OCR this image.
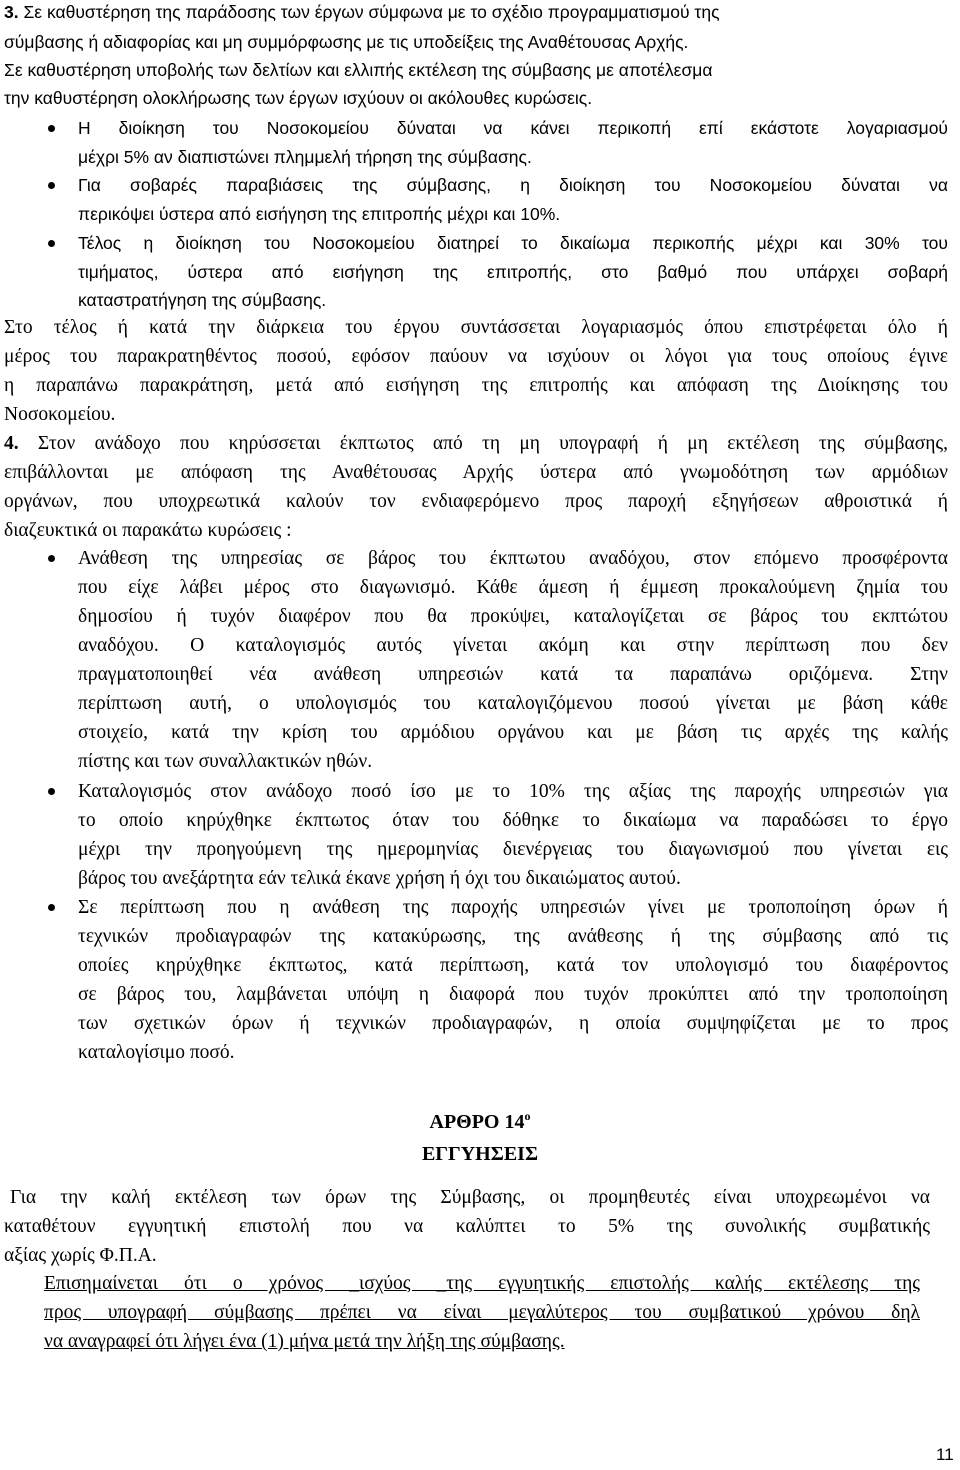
3. Σε καθυστέρηση της παράδοσης των έργων σύμφωνα με το σχέδιο προγραμματισμού της
σύμβασης ή αδιαφορίας και μη συμμόρφωσης με τις υποδείξεις της Αναθέτουσας Αρχής.
Σε καθυστέρηση υποβολής των δελτίων και ελλιπής εκτέλεση της σύμβασης με αποτέλεσμα
την καθυστέρηση ολοκλήρωσης των έργων ισχύουν οι ακόλουθες κυρώσεις.
Η διοίκηση του Νοσοκομείου δύναται να κάνει περικοπή επί εκάστοτε λογαριασμού
μέχρι 5% αν διαπιστώνει πλημμελή τήρηση της σύμβασης.
Για σοβαρές παραβιάσεις της σύμβασης, η διοίκηση του Νοσοκομείου δύναται να
περικόψει ύστερα από εισήγηση της επιτροπής μέχρι και 10%.
Τέλος η διοίκηση του Νοσοκομείου διατηρεί το δικαίωμα περικοπής μέχρι και 30% του
τιμήματος, ύστερα από εισήγηση της επιτροπής, στο βαθμό που υπάρχει σοβαρή
καταστρατήγηση της σύμβασης.
Στο τέλος ή κατά την διάρκεια του έργου συντάσσεται λογαριασμός όπου επιστρέφεται όλο ή
μέρος του παρακρατηθέντος ποσού, εφόσον παύουν να ισχύουν οι λόγοι για τους οποίους έγινε
η παραπάνω παρακράτηση, μετά από εισήγηση της επιτροπής και απόφαση της Διοίκησης του
Νοσοκομείου.
4. Στον ανάδοχο που κηρύσσεται έκπτωτος από τη μη υπογραφή ή μη εκτέλεση της σύμβασης,
επιβάλλονται με απόφαση της Αναθέτουσας Αρχής ύστερα από γνωμοδότηση των αρμόδιων
οργάνων, που υποχρεωτικά καλούν τον ενδιαφερόμενο προς παροχή εξηγήσεων αθροιστικά ή
διαζευκτικά οι παρακάτω κυρώσεις :
Ανάθεση της υπηρεσίας σε βάρος του έκπτωτου αναδόχου, στον επόμενο προσφέροντα
που είχε λάβει μέρος στο διαγωνισμό. Κάθε άμεση ή έμμεση προκαλούμενη ζημία του
δημοσίου ή τυχόν διαφέρον που θα προκύψει, καταλογίζεται σε βάρος του εκπτώτου
αναδόχου. Ο καταλογισμός αυτός γίνεται ακόμη και στην περίπτωση που δεν
πραγματοποιηθεί νέα ανάθεση υπηρεσιών κατά τα παραπάνω οριζόμενα. Στην
περίπτωση αυτή, ο υπολογισμός του καταλογιζόμενου ποσού γίνεται με βάση κάθε
στοιχείο, κατά την κρίση του αρμόδιου οργάνου και με βάση τις αρχές της καλής
πίστης και των συναλλακτικών ηθών.
Καταλογισμός στον ανάδοχο ποσό ίσο με το 10% της αξίας της παροχής υπηρεσιών για
το οποίο κηρύχθηκε έκπτωτος όταν του δόθηκε το δικαίωμα να παραδώσει το έργο
μέχρι την προηγούμενη της ημερομηνίας διενέργειας του διαγωνισμού που γίνεται εις
βάρος του ανεξάρτητα εάν τελικά έκανε χρήση ή όχι του δικαιώματος αυτού.
Σε περίπτωση που η ανάθεση της παροχής υπηρεσιών γίνει με τροποποίηση όρων ή
τεχνικών προδιαγραφών της κατακύρωσης, της ανάθεσης ή της σύμβασης από τις
οποίες κηρύχθηκε έκπτωτος, κατά περίπτωση, κατά τον υπολογισμό του διαφέροντος
σε βάρος του, λαμβάνεται υπόψη η διαφορά που τυχόν προκύπτει από την τροποποίηση
των σχετικών όρων ή τεχνικών προδιαγραφών, η οποία συμψηφίζεται με το προς
καταλογίσιμο ποσό.
ΑΡΘΡΟ $14^o$
ΕΓΓΥΗΣΕΙΣ
Για την καλή εκτέλεση των όρων της Σύμβασης, οι προμηθευτές είναι υποχρεωμένοι να
καταθέτουν εγγυητική επιστολή που να καλύπτει το 5% της συνολικής συμβατικής
αξίας χωρίς Φ.Π.Α.
Επισημαίνεται ότι ο χρόνος _ισχύος _της εγγυητικής επιστολής καλής εκτέλεσης της
προς υπογραφή σύμβασης πρέπει να είναι μεγαλύτερος του συμβατικού χρόνου δηλ
να αναγραφεί ότι λήγει ένα (1) μήνα μετά την λήξη της σύμβασης.
11
